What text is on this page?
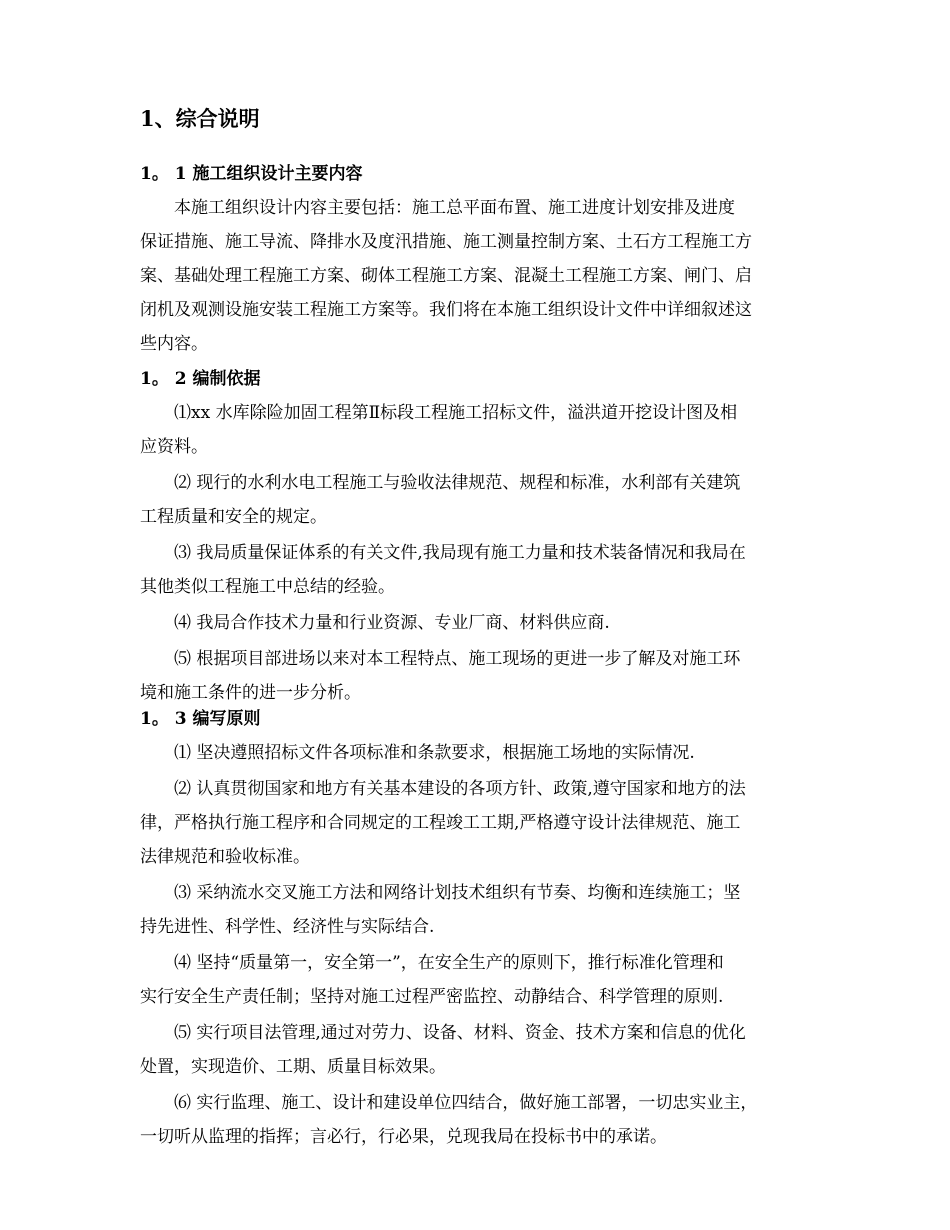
1、综合说明
1。 1 施工组织设计主要内容
本施工组织设计内容主要包括：施工总平面布置、施工进度计划安排及进度
保证措施、施工导流、降排水及度汛措施、施工测量控制方案、土石方工程施工方
案、基础处理工程施工方案、砌体工程施工方案、混凝土工程施工方案、闸门、启
闭机及观测设施安装工程施工方案等。我们将在本施工组织设计文件中详细叙述这
些内容。
1。 2 编制依据
⑴xx 水库除险加固工程第Ⅱ标段工程施工招标文件，溢洪道开挖设计图及相
应资料。
⑵ 现行的水利水电工程施工与验收法律规范、规程和标准，水利部有关建筑
工程质量和安全的规定。
⑶ 我局质量保证体系的有关文件,我局现有施工力量和技术装备情况和我局在
其他类似工程施工中总结的经验。
⑷ 我局合作技术力量和行业资源、专业厂商、材料供应商.
⑸ 根据项目部进场以来对本工程特点、施工现场的更进一步了解及对施工环
境和施工条件的进一步分析。
1。 3 编写原则
⑴ 坚决遵照招标文件各项标准和条款要求，根据施工场地的实际情况.
⑵ 认真贯彻国家和地方有关基本建设的各项方针、政策,遵守国家和地方的法
律，严格执行施工程序和合同规定的工程竣工工期,严格遵守设计法律规范、施工
法律规范和验收标准。
⑶ 采纳流水交叉施工方法和网络计划技术组织有节奏、均衡和连续施工；坚
持先进性、科学性、经济性与实际结合.
⑷ 坚持“质量第一，安全第一”，在安全生产的原则下，推行标准化管理和
实行安全生产责任制；坚持对施工过程严密监控、动静结合、科学管理的原则.
⑸ 实行项目法管理,通过对劳力、设备、材料、资金、技术方案和信息的优化
处置，实现造价、工期、质量目标效果。
⑹ 实行监理、施工、设计和建设单位四结合，做好施工部署，一切忠实业主，
一切听从监理的指挥；言必行，行必果，兑现我局在投标书中的承诺。
